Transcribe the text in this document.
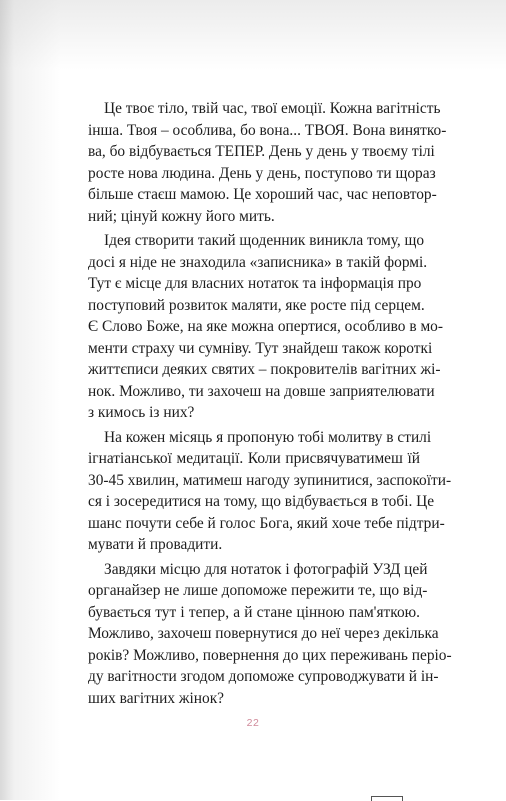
Це твоє тіло, твій час, твої емоції. Кожна вагітність
інша. Твоя – особлива, бо вона... ТВОЯ. Вона винятко-
ва, бо відбувається ТЕПЕР. День у день у твоєму тілі
росте нова людина. День у день, поступово ти щораз
більше стаєш мамою. Це хороший час, час неповтор-
ний; цінуй кожну його мить.
Ідея створити такий щоденник виникла тому, що
досі я ніде не знаходила «записника» в такій формі.
Тут є місце для власних нотаток та інформація про
поступовий розвиток маляти, яке росте під серцем.
Є Слово Боже, на яке можна опертися, особливо в мо-
менти страху чи сумніву. Тут знайдеш також короткі
життєписи деяких святих – покровителів вагітних жі-
нок. Можливо, ти захочеш на довше заприятелювати
з кимось із них?
На кожен місяць я пропоную тобі молитву в стилі
ігнатіанської медитації. Коли присвячуватимеш їй
30-45 хвилин, матимеш нагоду зупинитися, заспокоїти-
ся і зосередитися на тому, що відбувається в тобі. Це
шанс почути себе й голос Бога, який хоче тебе підтри-
мувати й провадити.
Завдяки місцю для нотаток і фотографій УЗД цей
органайзер не лише допоможе пережити те, що від-
бувається тут і тепер, а й стане цінною пам'яткою.
Можливо, захочеш повернутися до неї через декілька
років? Можливо, повернення до цих переживань періо-
ду вагітности згодом допоможе супроводжувати й ін-
ших вагітних жінок?
22
